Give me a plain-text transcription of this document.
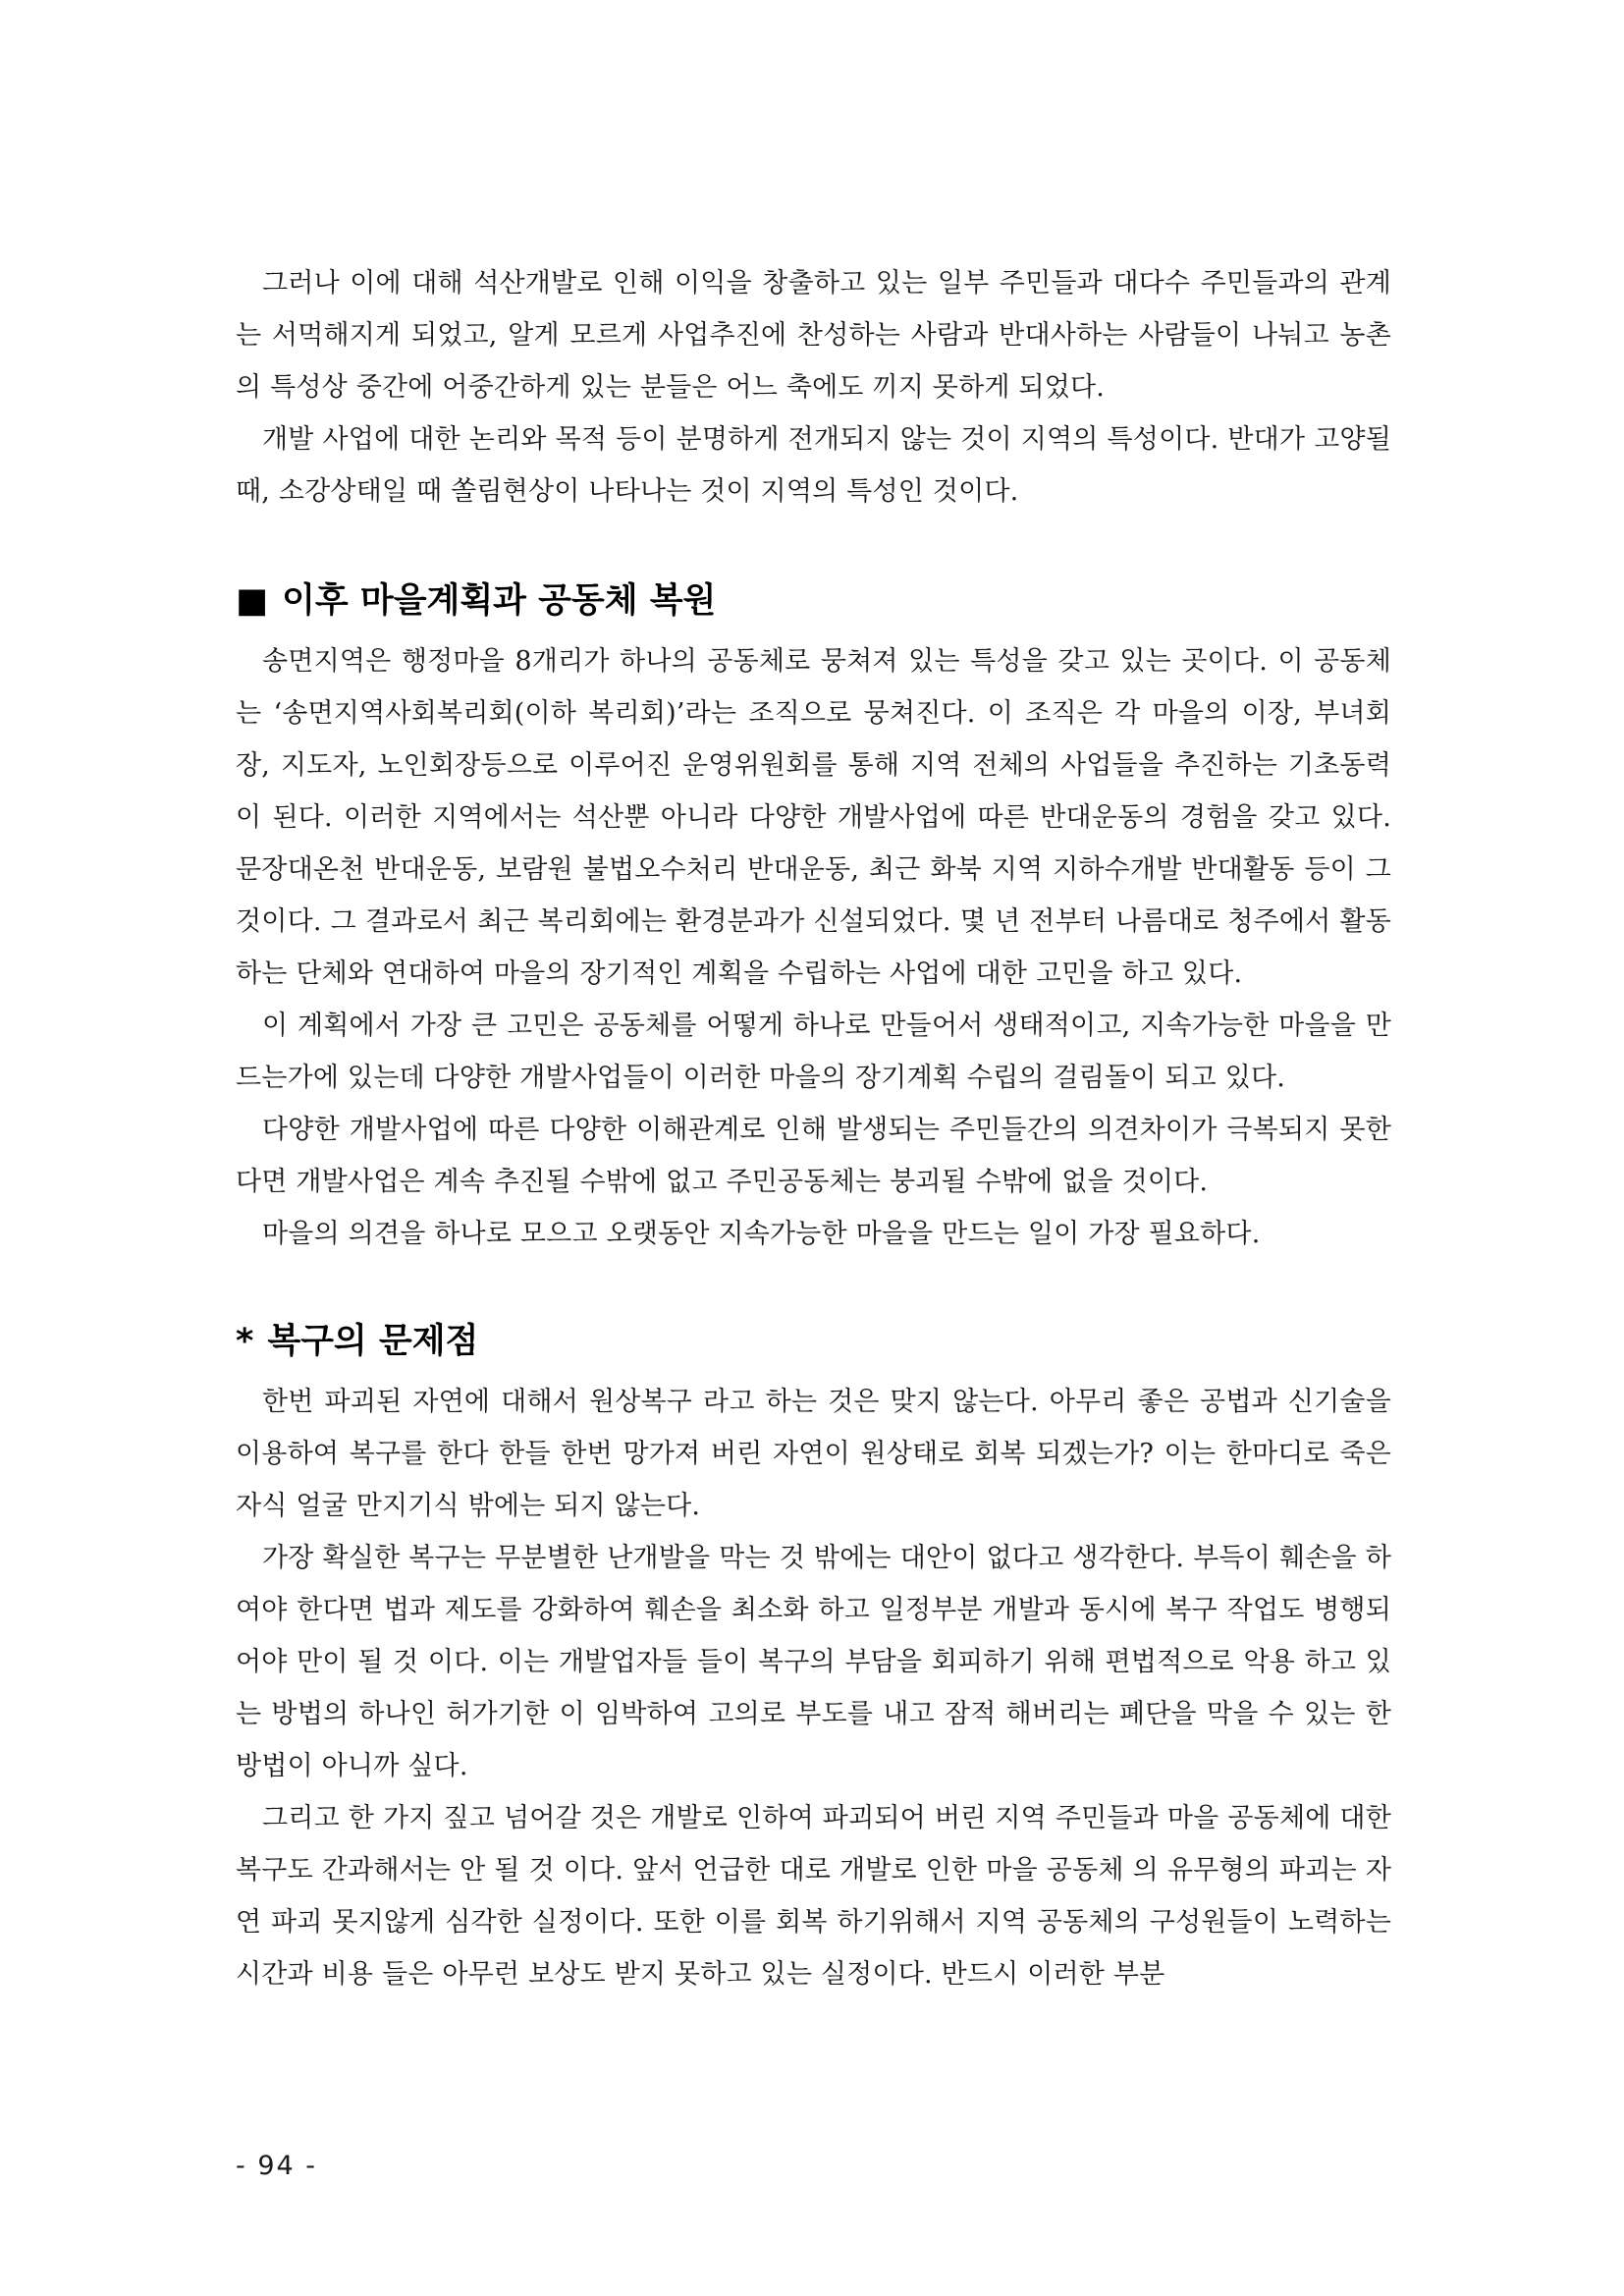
그러나 이에 대해 석산개발로 인해 이익을 창출하고 있는 일부 주민들과 대다수 주민들과의 관계는 서먹해지게 되었고, 알게 모르게 사업추진에 찬성하는 사람과 반대사하는 사람들이 나눠고 농촌의 특성상 중간에 어중간하게 있는 분들은 어느 축에도 끼지 못하게 되었다.

개발 사업에 대한 논리와 목적 등이 분명하게 전개되지 않는 것이 지역의 특성이다. 반대가 고양될때, 소강상태일 때 쏠림현상이 나타나는 것이 지역의 특성인 것이다.

■ 이후 마을계획과 공동체 복원

송면지역은 행정마을 8개리가 하나의 공동체로 뭉쳐져 있는 특성을 갖고 있는 곳이다. 이 공동체는 ‘송면지역사회복리회(이하 복리회)’라는 조직으로 뭉쳐진다. 이 조직은 각 마을의 이장, 부녀회장, 지도자, 노인회장등으로 이루어진 운영위원회를 통해 지역 전체의 사업들을 추진하는 기초동력이 된다. 이러한 지역에서는 석산뿐 아니라 다양한 개발사업에 따른 반대운동의 경험을 갖고 있다. 문장대온천 반대운동, 보람원 불법오수처리 반대운동, 최근 화북 지역 지하수개발 반대활동 등이 그것이다. 그 결과로서 최근 복리회에는 환경분과가 신설되었다. 몇 년 전부터 나름대로 청주에서 활동하는 단체와 연대하여 마을의 장기적인 계획을 수립하는 사업에 대한 고민을 하고 있다.

이 계획에서 가장 큰 고민은 공동체를 어떻게 하나로 만들어서 생태적이고, 지속가능한 마을을 만드는가에 있는데 다양한 개발사업들이 이러한 마을의 장기계획 수립의 걸림돌이 되고 있다.

다양한 개발사업에 따른 다양한 이해관계로 인해 발생되는 주민들간의 의견차이가 극복되지 못한다면 개발사업은 계속 추진될 수밖에 없고 주민공동체는 붕괴될 수밖에 없을 것이다.

마을의 의견을 하나로 모으고 오랫동안 지속가능한 마을을 만드는 일이 가장 필요하다.

* 복구의 문제점

한번 파괴된 자연에 대해서 원상복구 라고 하는 것은 맞지 않는다. 아무리 좋은 공법과 신기술을 이용하여 복구를 한다 한들 한번 망가져 버린 자연이 원상태로 회복 되겠는가? 이는 한마디로 죽은 자식 얼굴 만지기식 밖에는 되지 않는다.

가장 확실한 복구는 무분별한 난개발을 막는 것 밖에는 대안이 없다고 생각한다. 부득이 훼손을 하여야 한다면 법과 제도를 강화하여 훼손을 최소화 하고 일정부분 개발과 동시에 복구 작업도 병행되어야 만이 될 것 이다. 이는 개발업자들 들이 복구의 부담을 회피하기 위해 편법적으로 악용 하고 있는 방법의 하나인 허가기한 이 임박하여 고의로 부도를 내고 잠적 해버리는 폐단을 막을 수 있는 한방법이 아니까 싶다.

그리고 한 가지 짚고 넘어갈 것은 개발로 인하여 파괴되어 버린 지역 주민들과 마을 공동체에 대한 복구도 간과해서는 안 될 것 이다. 앞서 언급한 대로 개발로 인한 마을 공동체 의 유무형의 파괴는 자연 파괴 못지않게 심각한 실정이다. 또한 이를 회복 하기위해서 지역 공동체의 구성원들이 노력하는 시간과 비용 들은 아무런 보상도 받지 못하고 있는 실정이다. 반드시 이러한 부분

- 94 -
